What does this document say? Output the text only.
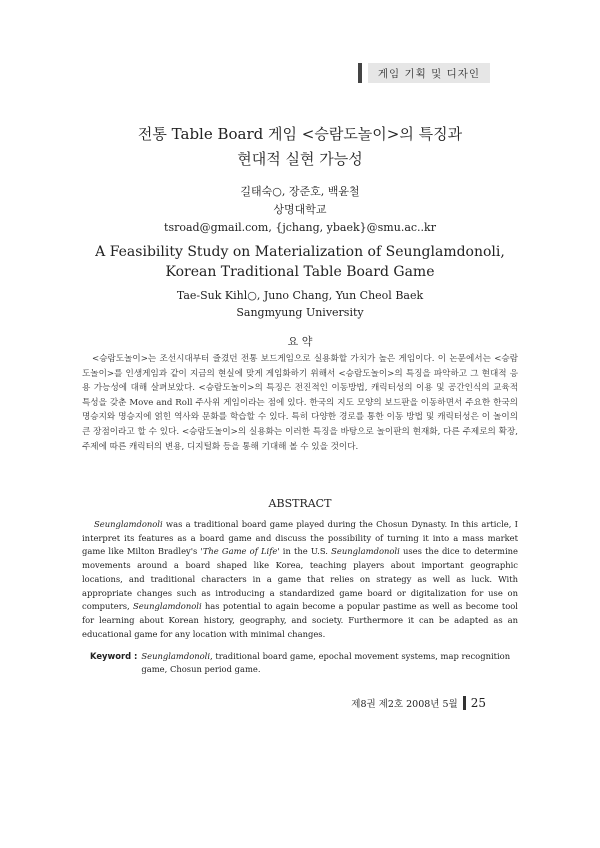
게임 기획 및 디자인
전통 Table Board 게임 <승람도놀이>의 특징과
현대적 실현 가능성
길태숙○, 장준호, 백윤철
상명대학교
tsroad@gmail.com, {jchang, ybaek}@smu.ac..kr
A Feasibility Study on Materialization of Seunglamdonoli,
Korean Traditional Table Board Game
Tae-Suk Kihl○, Juno Chang, Yun Cheol Baek
Sangmyung University
요 약
<승람도놀이>는 조선시대부터 즐겼던 전통 보드게임으로 실용화할 가치가 높은 게임이다. 이 논문에서는 <승람도놀이>를 인생게임과 같이 지금의 현실에 맞게 게임화하기 위해서 <승람도놀이>의 특징을 파악하고 그 현대적 응용 가능성에 대해 살펴보았다. <승람도놀이>의 특징은 전진적인 이동방법, 캐릭터성의 이용 및 공간인식의 교육적 특성을 갖춘 Move and Roll 주사위 게임이라는 점에 있다. 한국의 지도 모양의 보드판을 이동하면서 주요한 한국의 명승지와 명승지에 얽힌 역사와 문화를 학습할 수 있다. 특히 다양한 경로를 통한 이동 방법 및 캐릭터성은 이 놀이의 큰 장점이라고 할 수 있다. <승람도놀이>의 실용화는 이러한 특징을 바탕으로 놀이판의 현재화, 다른 주제로의 확장, 주제에 따른 캐릭터의 변용, 디지털화 등을 통해 기대해 볼 수 있을 것이다.
ABSTRACT
Seunglamdonoli was a traditional board game played during the Chosun Dynasty. In this article, I interpret its features as a board game and discuss the possibility of turning it into a mass market game like Milton Bradley's 'The Game of Life' in the U.S. Seunglamdonoli uses the dice to determine movements around a board shaped like Korea, teaching players about important geographic locations, and traditional characters in a game that relies on strategy as well as luck. With appropriate changes such as introducing a standardized game board or digitalization for use on computers, Seunglamdonoli has potential to again become a popular pastime as well as become tool for learning about Korean history, geography, and society. Furthermore it can be adapted as an educational game for any location with minimal changes.
Keyword : Seunglamdonoli, traditional board game, epochal movement systems, map recognition game, Chosun period game.
제8권 제2호 2008년 5월 25
